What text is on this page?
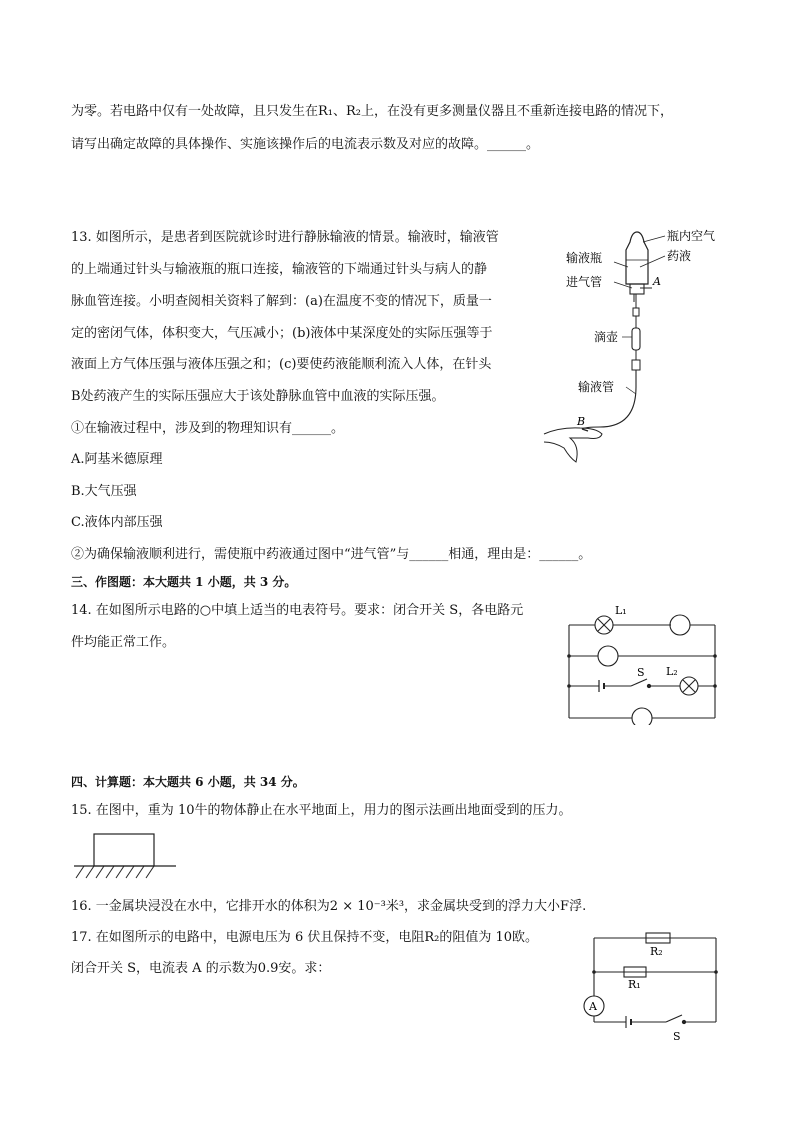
为零。若电路中仅有一处故障，且只发生在R₁、R₂上，在没有更多测量仪器且不重新连接电路的情况下，
请写出确定故障的具体操作、实施该操作后的电流表示数及对应的故障。______。
13. 如图所示，是患者到医院就诊时进行静脉输液的情景。输液时，输液管
的上端通过针头与输液瓶的瓶口连接，输液管的下端通过针头与病人的静
脉血管连接。小明查阅相关资料了解到：(a)在温度不变的情况下，质量一
定的密闭气体，体积变大，气压减小；(b)液体中某深度处的实际压强等于
液面上方气体压强与液体压强之和；(c)要使药液能顺利流入人体，在针头
B处药液产生的实际压强应大于该处静脉血管中血液的实际压强。
①在输液过程中，涉及到的物理知识有______。
A.阿基米德原理
B.大气压强
C.液体内部压强
②为确保输液顺利进行，需使瓶中药液通过图中“进气管”与______相通，理由是：______。
瓶内空气
药液
输液瓶
进气管	A
滴壶
输液管
B
三、作图题：本大题共 1 小题，共 3 分。
14. 在如图所示电路的○中填上适当的电表符号。要求：闭合开关 S，各电路元
件均能正常工作。
L₁
L₂
S
四、计算题：本大题共 6 小题，共 34 分。
15. 在图中，重为 10牛的物体静止在水平地面上，用力的图示法画出地面受到的压力。
16. 一金属块浸没在水中，它排开水的体积为2 × 10⁻³米³，求金属块受到的浮力大小F浮.
17. 在如图所示的电路中，电源电压为 6 伏且保持不变，电阻R₂的阻值为 10欧。
闭合开关 S，电流表 A 的示数为0.9安。求：
R₂
R₁
A
S
